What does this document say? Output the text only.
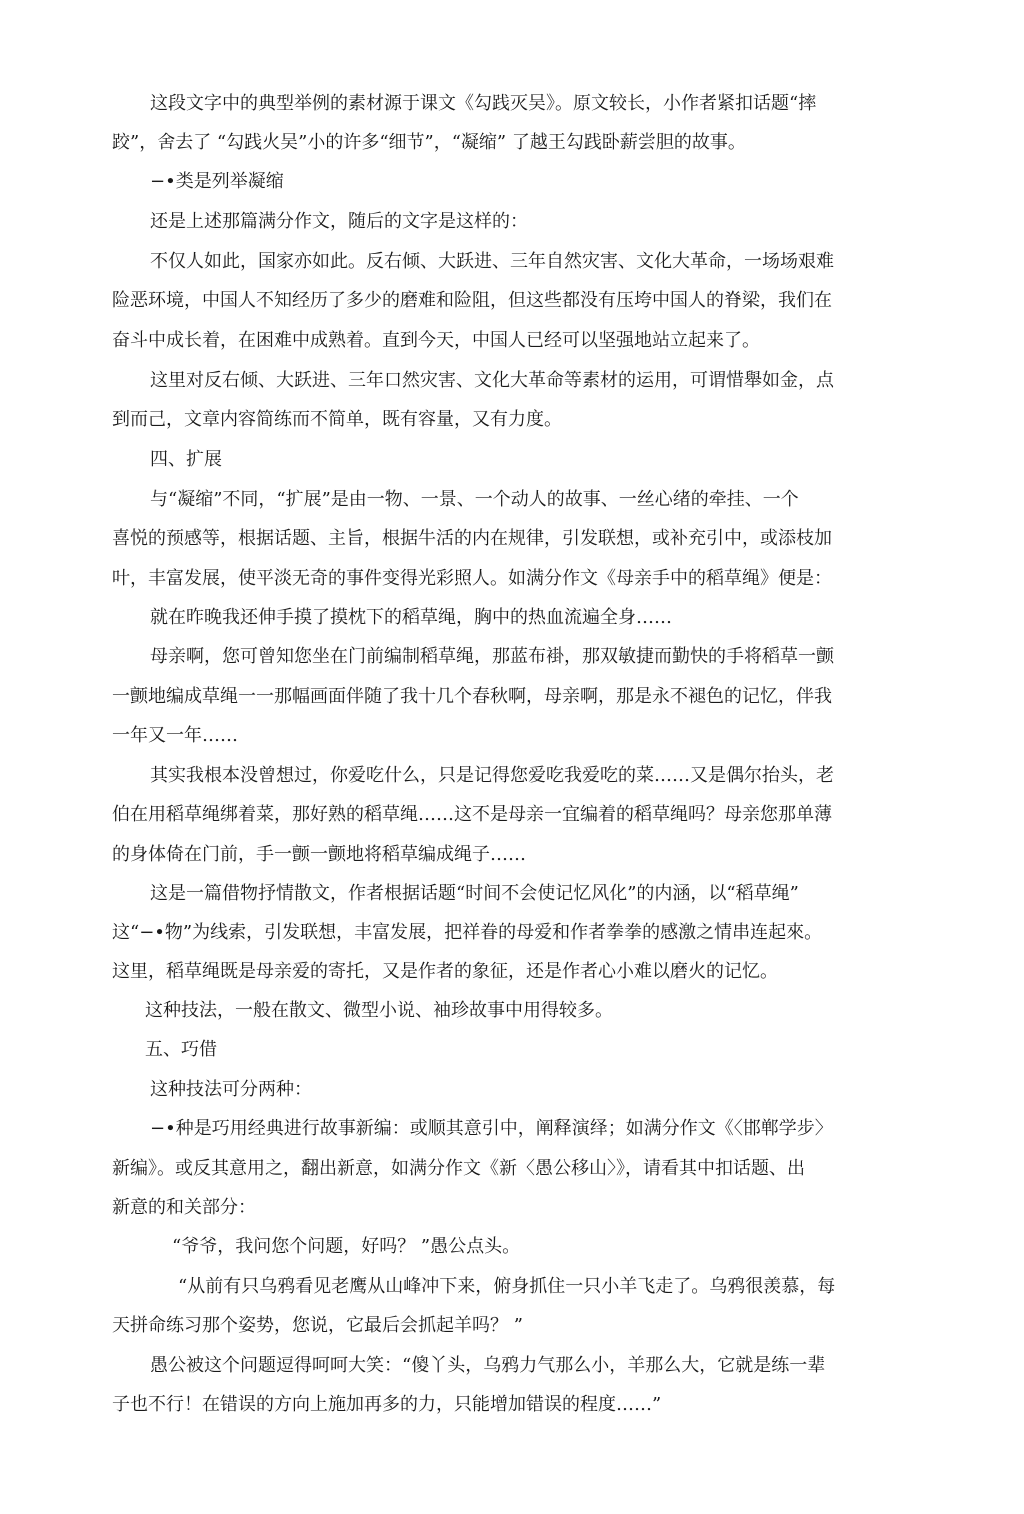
这段文字中的典型举例的素材源于课文《勾践灭吴》。原文较长，小作者紧扣话题“摔
跤”，舍去了 “勾践火吴”小的许多“细节”，“凝缩” 了越王勾践卧薪尝胆的故事。
−•类是列举凝缩
还是上述那篇满分作文，随后的文字是这样的：
不仅人如此，国家亦如此。反右倾、大跃进、三年自然灾害、文化大革命，一场场艰难
险恶环境，中国人不知经历了多少的磨难和险阻，但这些都没有压垮中国人的脊梁，我们在
奋斗中成长着，在困难中成熟着。直到今天，中国人已经可以坚强地站立起来了。
这里对反右倾、大跃进、三年口然灾害、文化大革命等素材的运用，可谓惜舉如金，点
到而己，文章内容简练而不简单，既有容量，又有力度。
四、扩展
与“凝缩”不同，“扩展”是由一物、一景、一个动人的故事、一丝心绪的牵挂、一个
喜悦的预感等，根据话题、主旨，根据牛活的内在规律，引发联想，或补充引中，或添枝加
叶，丰富发展，使平淡无奇的事件变得光彩照人。如满分作文《母亲手中的稻草绳》便是：
就在昨晚我还伸手摸了摸枕下的稻草绳，胸中的热血流遍全身……
母亲啊，您可曾知您坐在门前编制稻草绳，那蓝布褂，那双敏捷而勤快的手将稻草一颤
一颤地编成草绳一一那幅画面伴随了我十几个春秋啊，母亲啊，那是永不褪色的记忆，伴我
一年又一年……
其实我根本没曾想过，你爱吃什么，只是记得您爱吃我爱吃的菜……又是偶尔抬头，老
伯在用稻草绳绑着菜，那好熟的稻草绳……这不是母亲一宜编着的稻草绳吗？母亲您那单薄
的身体倚在门前，手一颤一颤地将稻草编成绳子……
这是一篇借物抒情散文，作者根据话题“时间不会使记忆风化”的内涵，以“稻草绳”
这“−•物”为线索，引发联想，丰富发展，把祥眷的母爱和作者拳拳的感激之情串连起來。
这里，稻草绳既是母亲爱的寄托，又是作者的象征，还是作者心小难以磨火的记忆。
这种技法，一般在散文、微型小说、袖珍故事中用得较多。
五、巧借
这种技法可分两种：
−•种是巧用经典进行故事新编：或顺其意引中，阐释演绎；如满分作文《〈邯郸学步〉
新编》。或反其意用之，翻出新意，如满分作文《新〈愚公移山〉》，请看其中扣话题、出
新意的和关部分：
“爷爷，我问您个问题，好吗？ ”愚公点头。
“从前有只乌鸦看见老鹰从山峰冲下来，俯身抓住一只小羊飞走了。乌鸦很羡慕，每
天拼命练习那个姿势，您说，它最后会抓起羊吗？ ”
愚公被这个问题逗得呵呵大笑：“傻丫头，乌鸦力气那么小，羊那么大，它就是练一辈
子也不行！在错误的方向上施加再多的力，只能增加错误的程度……”
